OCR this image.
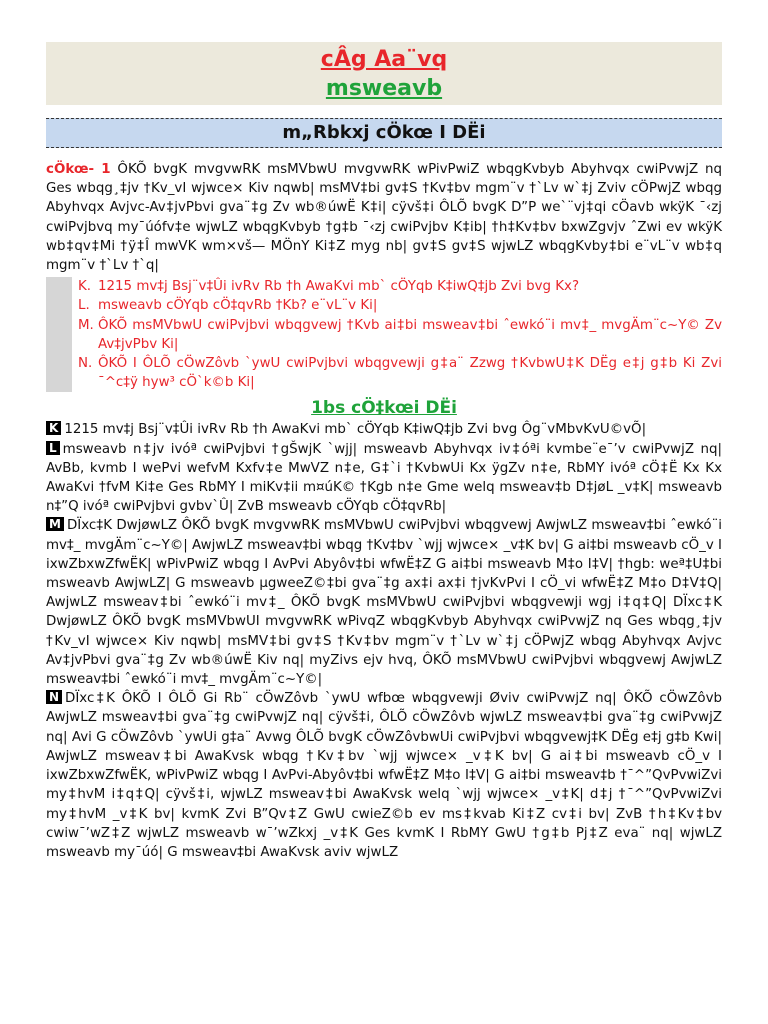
cÂg Aa¨vq
msweavb
m„Rbkxj cÖkœ I DËi

cÖkœ- 1 ÔKÕ bvgK mvgvwRK msMVbwU mvgvwRK wPivPwiZ wbqgKvbyb Abyhvqx cwiPvwjZ nq Ges wbqg¸‡jv †Kv_vI wjwce× Kiv nqwb| msMV‡bi gv‡S †Kv‡bv mgm¨v †`Lv w`‡j Zviv cÖPwjZ wbqg Abyhvqx Avjvc-Av‡jvPbvi gva¨‡g Zv wb®úwË K‡i| cÿvš‡i ÔLÕ bvgK D”P we`¨vj‡qi cÖavb wkÿK ¯‹zj cwiPvjbvq my¯úófv‡e wjwLZ wbqgKvbyb †g‡b ¯‹zj cwiPvjbv K‡ib| †h‡Kv‡bv bxwZgvjv ˆZwi ev wkÿK wb‡qv‡Mi †ÿ‡Î mwVK wm×vš— MÖnY Ki‡Z myg nb| gv‡S gv‡S wjwLZ wbqgKvby‡bi e¨vL¨v wb‡q mgm¨v †`Lv †`q|

K. 1215 mv‡j Bsj¨v‡Ûi ivRv Rb †h AwaKvi mb` cÖYqb K‡iwQ‡jb Zvi bvg Kx?
L. msweavb cÖYqb cÖ‡qvRb †Kb? e¨vL¨v Ki|
M. ÔKÕ msMVbwU cwiPvjbvi wbqgvewj †Kvb ai‡bi msweav‡bi ˆewkó¨i mv‡_ mvgÄm¨c~Y© Zv Av‡jvPbv Ki|
N. ÔKÕ I ÔLÕ cÖwZôvb `ywU cwiPvjbvi wbqgvewji g‡a¨ Zzwg †KvbwU‡K DËg e‡j g‡b Ki Zvi ¯^c‡ÿ hyw³ cÖ`k©b Ki|
1bs cÖ‡kœi DËi

K 1215 mv‡j Bsj¨v‡Ûi ivRv Rb †h AwaKvi mb` cÖYqb K‡iwQ‡jb Zvi bvg Ôg¨vMbvKvU©vÕ|

L msweavb n‡jv ivóª cwiPvjbvi †gŠwjK `wjj| msweavb Abyhvqx iv‡óªi kvmbe¨e¯’v cwiPvwjZ nq| AvBb, kvmb I wePvi wefvM Kxfv‡e MwVZ n‡e, G‡`i †KvbwUi Kx ÿgZv n‡e, RbMY ivóª cÖ‡Ë Kx Kx AwaKvi †fvM Ki‡e Ges RbMY I miKv‡ii m¤úK© †Kgb n‡e Gme welq msweav‡b D‡jøL _v‡K| msweavb n‡”Q ivóª cwiPvjbvi gvbv`Û| ZvB msweavb cÖYqb cÖ‡qvRb|

M DÏxc‡K DwjøwLZ ÔKÕ bvgK mvgvwRK msMVbwU cwiPvjbvi wbqgvewj AwjwLZ msweav‡bi ˆewkó¨i mv‡_ mvgÄm¨c~Y©| AwjwLZ msweav‡bi wbqg †Kv‡bv `wjj wjwce× _v‡K bv| G ai‡bi msweavb cÖ_v I ixwZbxwZfwËK| wPivPwiZ wbqg I AvPvi Abyôv‡bi wfwË‡Z G ai‡bi msweavb M‡o I‡V| †hgb: weª‡U‡bi msweavb AwjwLZ| G msweavb µgweeZ©‡bi gva¨‡g ax‡i ax‡i †jvKvPvi I cÖ_vi wfwË‡Z M‡o D‡V‡Q| AwjwLZ msweav‡bi ˆewkó¨i mv‡_ ÔKÕ bvgK msMVbwU cwiPvjbvi wbqgvewji wgj i‡q‡Q| DÏxc‡K DwjøwLZ ÔKÕ bvgK msMVbwUI mvgvwRK wPivqZ wbqgKvbyb Abyhvqx cwiPvwjZ nq Ges wbqg¸‡jv †Kv_vI wjwce× Kiv nqwb| msMV‡bi gv‡S †Kv‡bv mgm¨v †`Lv w`‡j cÖPwjZ wbqg Abyhvqx Avjvc Av‡jvPbvi gva¨‡g Zv wb®úwË Kiv nq| myZivs ejv hvq, ÔKÕ msMVbwU cwiPvjbvi wbqgvewj AwjwLZ msweav‡bi ˆewkó¨i mv‡_ mvgÄm¨c~Y©|

N DÏxc‡K ÔKÕ I ÔLÕ Gi Rb¨ cÖwZôvb `ywU wfbœ wbqgvewji Øviv cwiPvwjZ nq| ÔKÕ cÖwZôvb AwjwLZ msweav‡bi gva¨‡g cwiPvwjZ nq| cÿvš‡i, ÔLÕ cÖwZôvb wjwLZ msweav‡bi gva¨‡g cwiPvwjZ nq| Avi G cÖwZôvb `ywUi g‡a¨ Avwg ÔLÕ bvgK cÖwZôvbwUi cwiPvjbvi wbqgvewj‡K DËg e‡j g‡b Kwi| AwjwLZ msweav‡bi AwaKvsk wbqg †Kv‡bv `wjj wjwce× _v‡K bv| G ai‡bi msweavb cÖ_v I ixwZbxwZfwËK, wPivPwiZ wbqg I AvPvi-Abyôv‡bi wfwË‡Z M‡o I‡V| G ai‡bi msweav‡b †¯^”QvPvwiZvi my‡hvM i‡q‡Q| cÿvš‡i, wjwLZ msweav‡bi AwaKvsk welq `wjj wjwce× _v‡K| d‡j †¯^”QvPvwiZvi my‡hvM _v‡K bv| kvmK Zvi B”Qv‡Z GwU cwieZ©b ev ms‡kvab Ki‡Z cv‡i bv| ZvB †h‡Kv‡bv cwiw¯’wZ‡Z wjwLZ msweavb w¯’wZkxj _v‡K Ges kvmK I RbMY GwU †g‡b Pj‡Z eva¨ nq| wjwLZ msweavb my¯úó| G msweav‡bi AwaKvsk aviv wjwLZ
